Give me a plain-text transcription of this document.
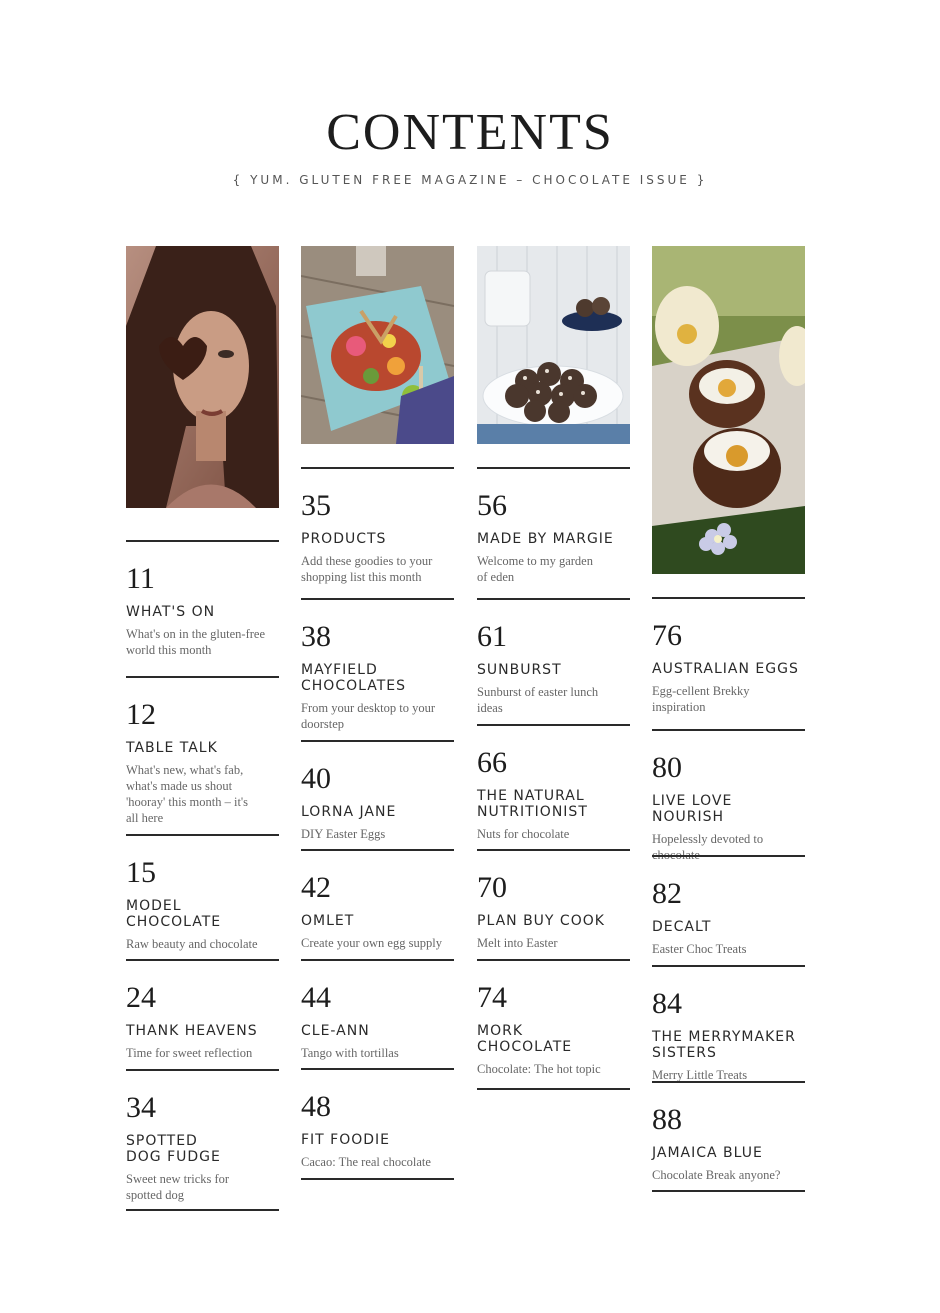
CONTENTS
{ YUM. GLUTEN FREE MAGAZINE – CHOCOLATE ISSUE }
11
WHAT'S ON
What's on in the gluten-free
world this month
12
TABLE TALK
What's new, what's fab,
what's made us shout
'hooray' this month – it's
all here
15
MODEL
CHOCOLATE
Raw beauty and chocolate
24
THANK HEAVENS
Time for sweet reflection
34
SPOTTED
DOG FUDGE
Sweet new tricks for
spotted dog
35
PRODUCTS
Add these goodies to your
shopping list this month
38
MAYFIELD
CHOCOLATES
From your desktop to your
doorstep
40
LORNA JANE
DIY Easter Eggs
42
OMLET
Create your own egg supply
44
CLE-ANN
Tango with tortillas
48
FIT FOODIE
Cacao: The real chocolate
56
MADE BY MARGIE
Welcome to my garden
of eden
61
SUNBURST
Sunburst of easter lunch
ideas
66
THE NATURAL
NUTRITIONIST
Nuts for chocolate
70
PLAN BUY COOK
Melt into Easter
74
MORK
CHOCOLATE
Chocolate: The hot topic
76
AUSTRALIAN EGGS
Egg-cellent Brekky
inspiration
80
LIVE LOVE NOURISH
Hopelessly devoted to
chocolate
82
DECALT
Easter Choc Treats
84
THE MERRYMAKER
SISTERS
Merry Little Treats
88
JAMAICA BLUE
Chocolate Break anyone?
